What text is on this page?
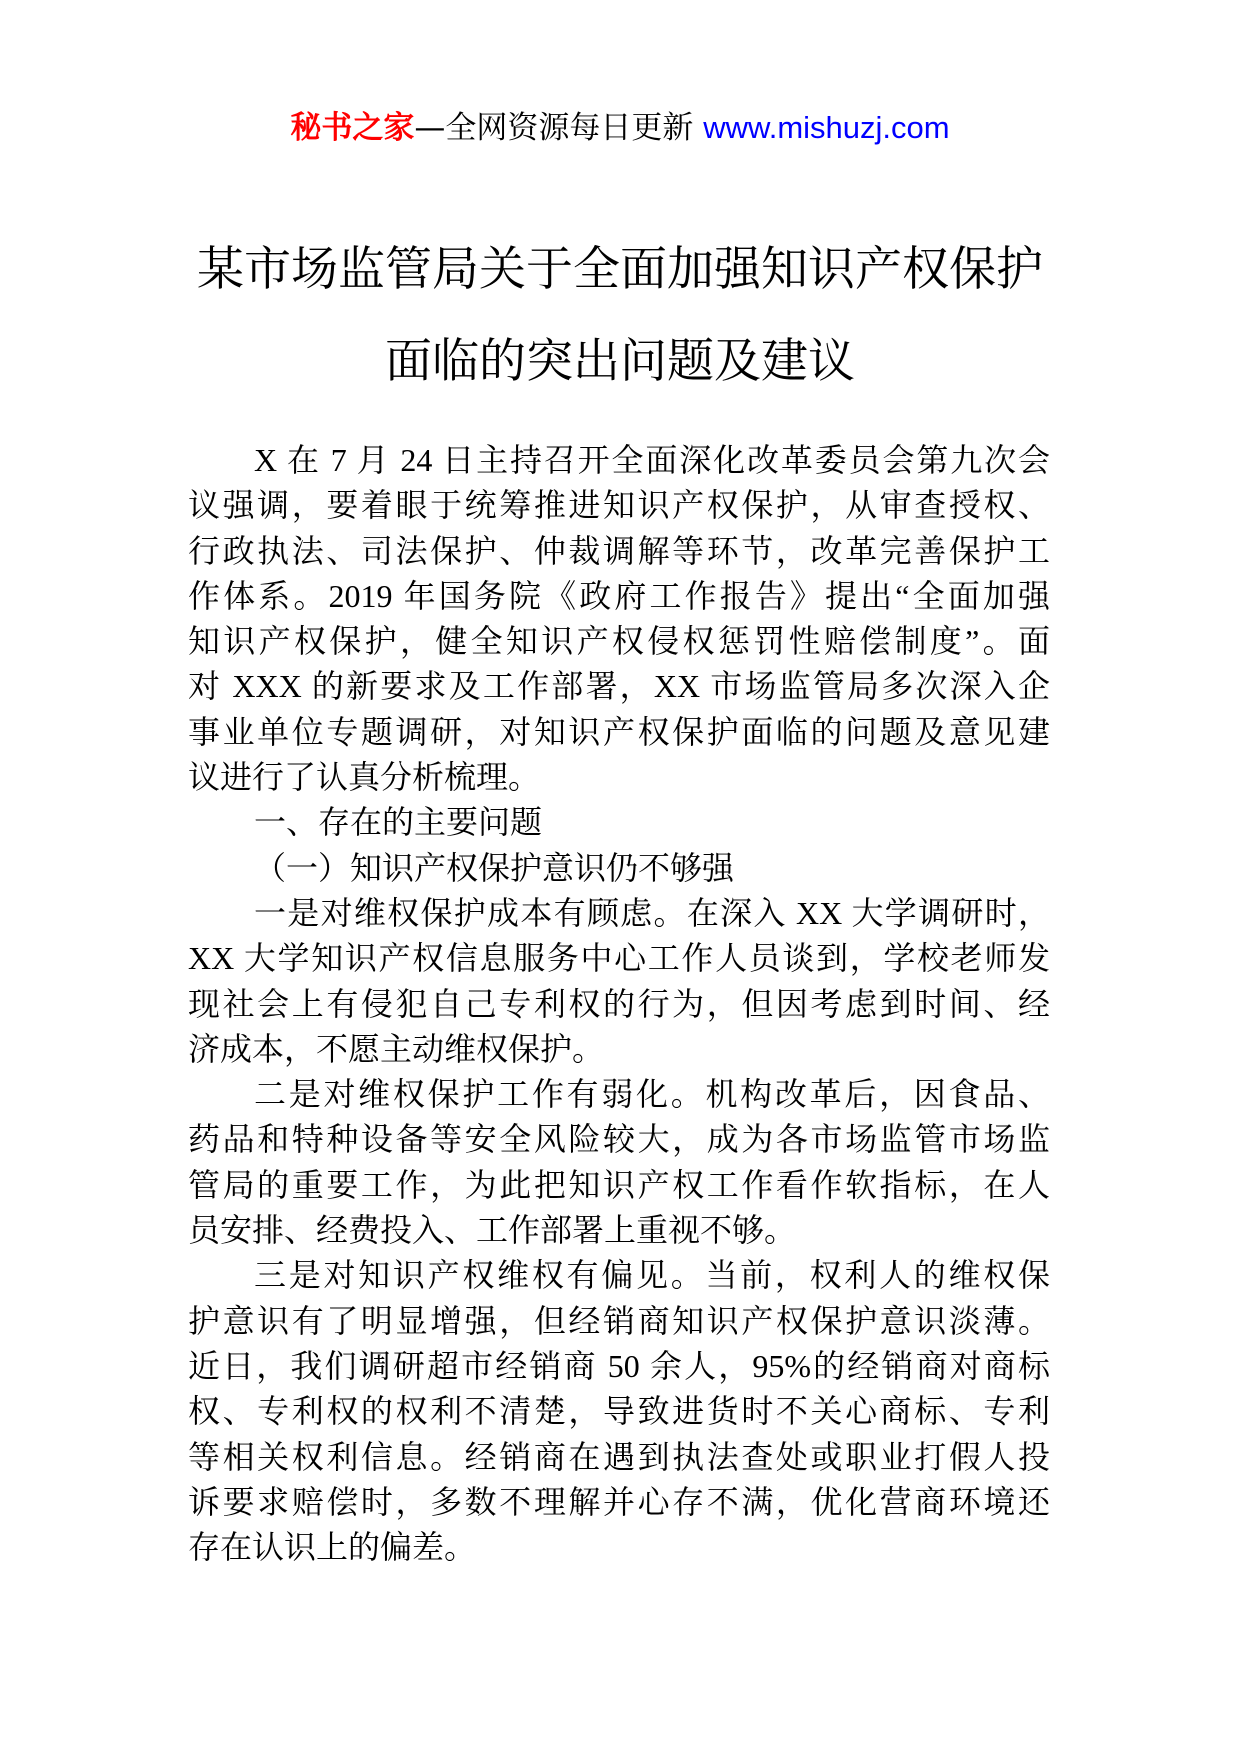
秘书之家—全网资源每日更新 www.mishuzj.com
某市场监管局关于全面加强知识产权保护
面临的突出问题及建议
X 在 7 月 24 日主持召开全面深化改革委员会第九次会
议强调，要着眼于统筹推进知识产权保护，从审查授权、
行政执法、司法保护、仲裁调解等环节，改革完善保护工
作体系。2019 年国务院《政府工作报告》提出“全面加强
知识产权保护，健全知识产权侵权惩罚性赔偿制度”。面
对 XXX 的新要求及工作部署，XX 市场监管局多次深入企
事业单位专题调研，对知识产权保护面临的问题及意见建
议进行了认真分析梳理。
一、存在的主要问题
（一）知识产权保护意识仍不够强
一是对维权保护成本有顾虑。在深入 XX 大学调研时，
XX 大学知识产权信息服务中心工作人员谈到，学校老师发
现社会上有侵犯自己专利权的行为，但因考虑到时间、经
济成本，不愿主动维权保护。
二是对维权保护工作有弱化。机构改革后，因食品、
药品和特种设备等安全风险较大，成为各市场监管市场监
管局的重要工作，为此把知识产权工作看作软指标，在人
员安排、经费投入、工作部署上重视不够。
三是对知识产权维权有偏见。当前，权利人的维权保
护意识有了明显增强，但经销商知识产权保护意识淡薄。
近日，我们调研超市经销商 50 余人，95%的经销商对商标
权、专利权的权利不清楚，导致进货时不关心商标、专利
等相关权利信息。经销商在遇到执法查处或职业打假人投
诉要求赔偿时，多数不理解并心存不满，优化营商环境还
存在认识上的偏差。
